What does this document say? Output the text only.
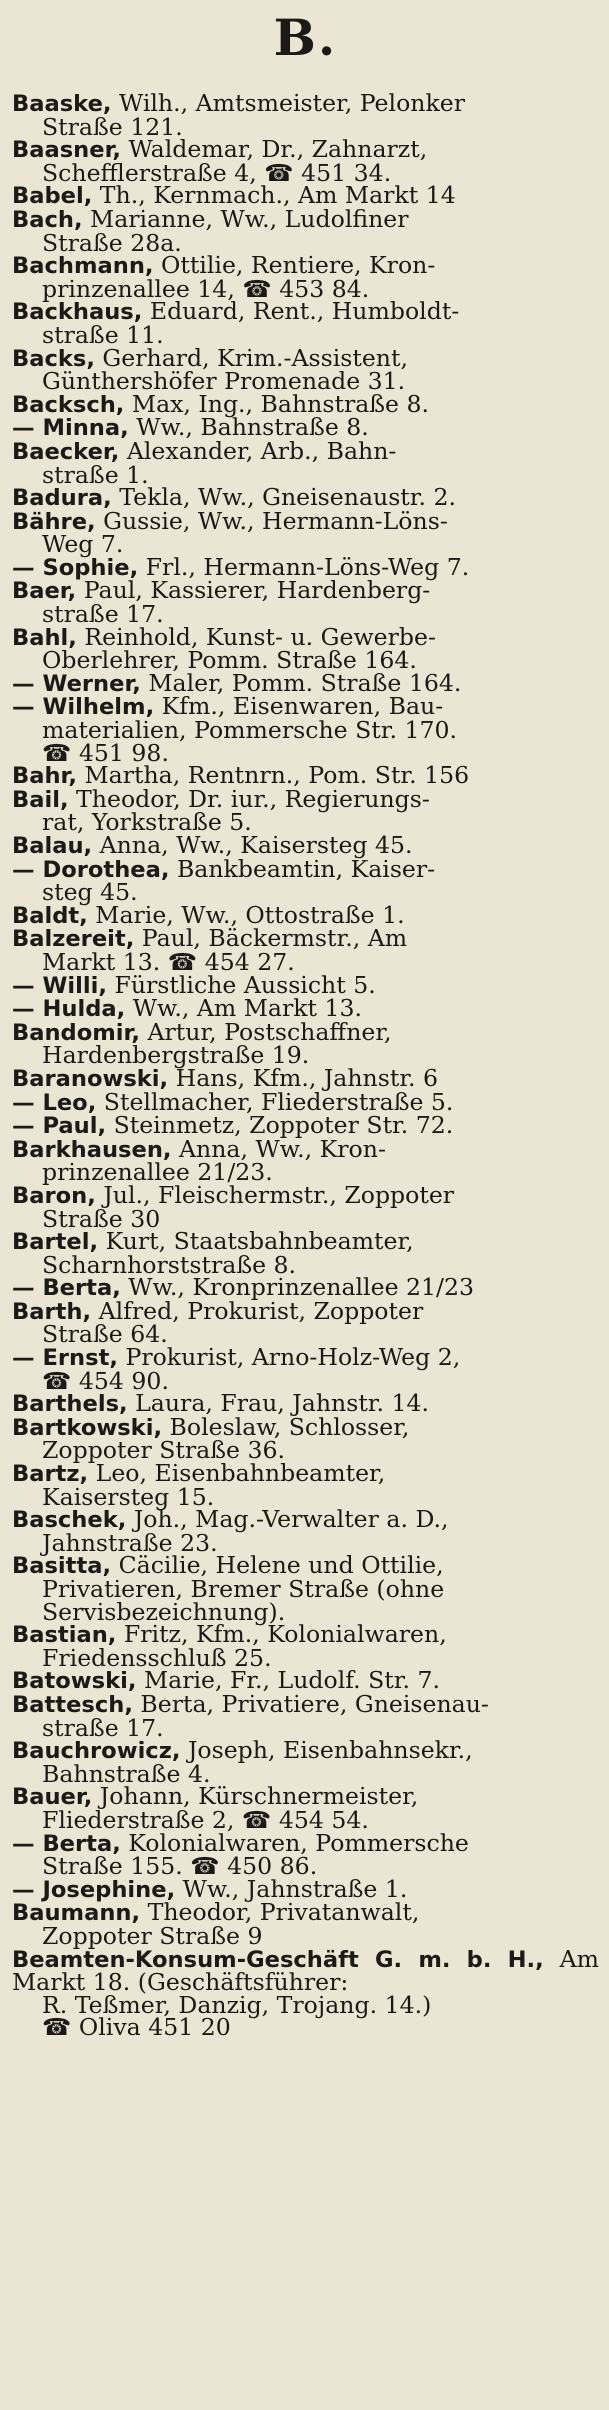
B.
Baaske, Wilh., Amtsmeister, Pelonker
Straße 121.
Baasner, Waldemar, Dr., Zahnarzt,
Schefflerstraße 4, ☎ 451 34.
Babel, Th., Kernmach., Am Markt 14
Bach, Marianne, Ww., Ludolfiner
Straße 28a.
Bachmann, Ottilie, Rentiere, Kron-
prinzenallee 14, ☎ 453 84.
Backhaus, Eduard, Rent., Humboldt-
straße 11.
Backs, Gerhard, Krim.-Assistent,
Günthershöfer Promenade 31.
Backsch, Max, Ing., Bahnstraße 8.
— Minna, Ww., Bahnstraße 8.
Baecker, Alexander, Arb., Bahn-
straße 1.
Badura, Tekla, Ww., Gneisenaustr. 2.
Bähre, Gussie, Ww., Hermann-Löns-
Weg 7.
— Sophie, Frl., Hermann-Löns-Weg 7.
Baer, Paul, Kassierer, Hardenberg-
straße 17.
Bahl, Reinhold, Kunst- u. Gewerbe-
Oberlehrer, Pomm. Straße 164.
— Werner, Maler, Pomm. Straße 164.
— Wilhelm, Kfm., Eisenwaren, Bau-
materialien, Pommersche Str. 170.
☎ 451 98.
Bahr, Martha, Rentnrn., Pom. Str. 156
Bail, Theodor, Dr. iur., Regierungs-
rat, Yorkstraße 5.
Balau, Anna, Ww., Kaisersteg 45.
— Dorothea, Bankbeamtin, Kaiser-
steg 45.
Baldt, Marie, Ww., Ottostraße 1.
Balzereit, Paul, Bäckermstr., Am
Markt 13. ☎ 454 27.
— Willi, Fürstliche Aussicht 5.
— Hulda, Ww., Am Markt 13.
Bandomir, Artur, Postschaffner,
Hardenbergstraße 19.
Baranowski, Hans, Kfm., Jahnstr. 6
— Leo, Stellmacher, Fliederstraße 5.
— Paul, Steinmetz, Zoppoter Str. 72.
Barkhausen, Anna, Ww., Kron-
prinzenallee 21/23.
Baron, Jul., Fleischermstr., Zoppoter
Straße 30
Bartel, Kurt, Staatsbahnbeamter,
Scharnhorststraße 8.
— Berta, Ww., Kronprinzenallee 21/23
Barth, Alfred, Prokurist, Zoppoter
Straße 64.
— Ernst, Prokurist, Arno-Holz-Weg 2,
☎ 454 90.
Barthels, Laura, Frau, Jahnstr. 14.
Bartkowski, Boleslaw, Schlosser,
Zoppoter Straße 36.
Bartz, Leo, Eisenbahnbeamter,
Kaisersteg 15.
Baschek, Joh., Mag.-Verwalter a. D.,
Jahnstraße 23.
Basitta, Cäcilie, Helene und Ottilie,
Privatieren, Bremer Straße (ohne
Servisbezeichnung).
Bastian, Fritz, Kfm., Kolonialwaren,
Friedensschluß 25.
Batowski, Marie, Fr., Ludolf. Str. 7.
Battesch, Berta, Privatiere, Gneisenau-
straße 17.
Bauchrowicz, Joseph, Eisenbahnsekr.,
Bahnstraße 4.
Bauer, Johann, Kürschnermeister,
Fliederstraße 2, ☎ 454 54.
— Berta, Kolonialwaren, Pommersche
Straße 155. ☎ 450 86.
— Josephine, Ww., Jahnstraße 1.
Baumann, Theodor, Privatanwalt,
Zoppoter Straße 9
Beamten-Konsum-Geschäft G. m. b. H., Am Markt 18. (Geschäftsführer:
R. Teßmer, Danzig, Trojang. 14.)
☎ Oliva 451 20
